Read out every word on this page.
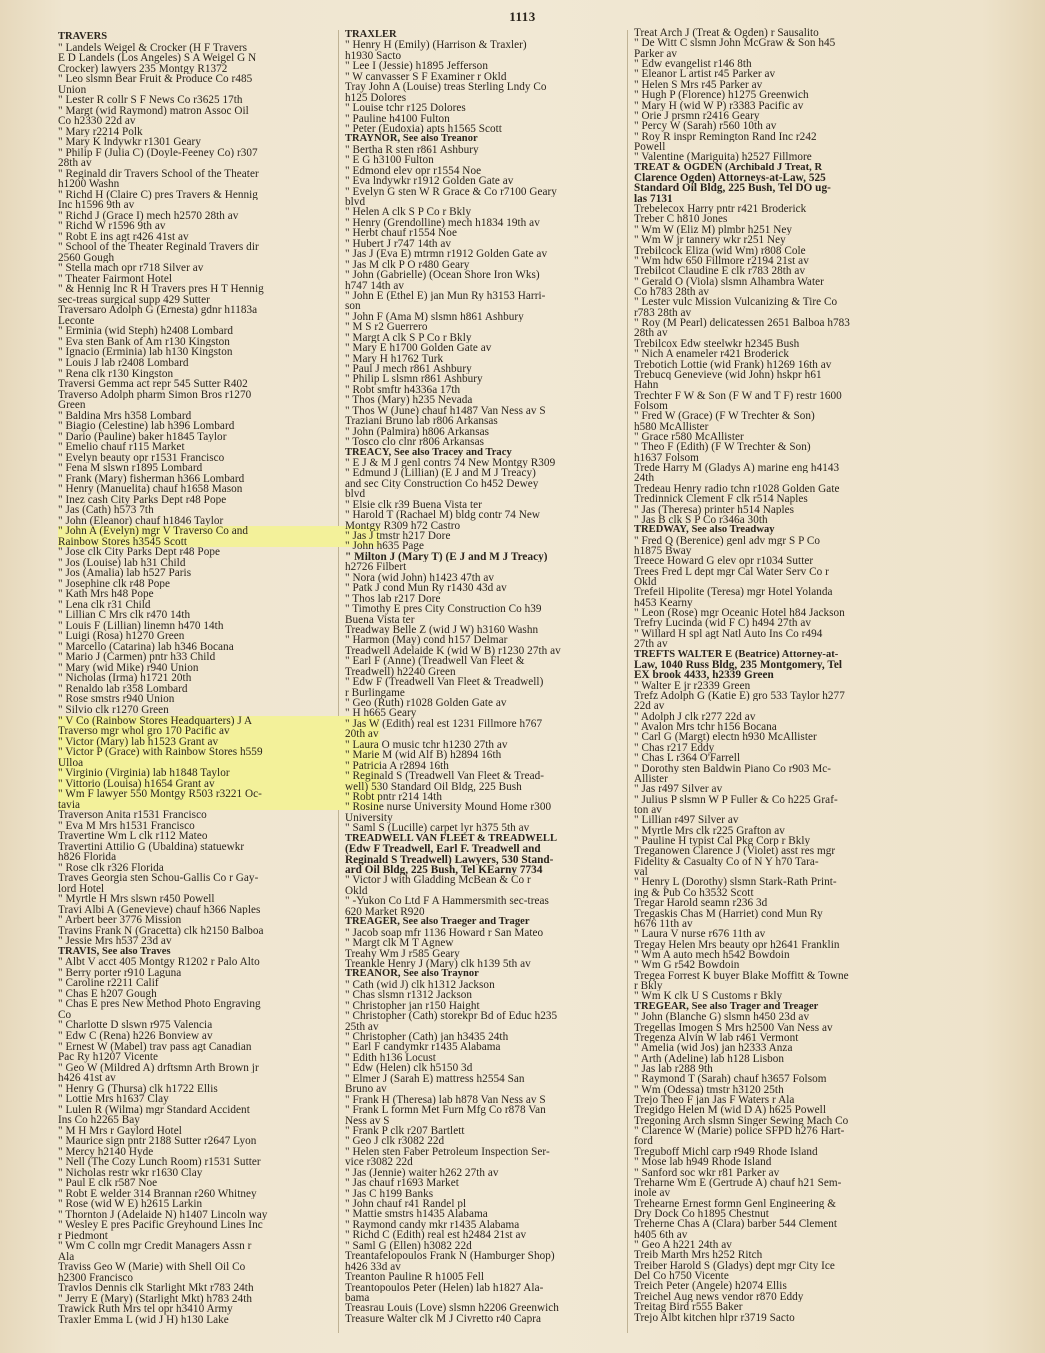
1113
TRAVERS
" Landels Weigel & Crocker (H F Travers
E D Landels (Los Angeles) S A Weigel G N
Crocker) lawyers 235 Montgy R1372
" Leo slsmn Bear Fruit & Produce Co r485
Union
" Lester R collr S F News Co r3625 17th
" Margt (wid Raymond) matron Assoc Oil
Co h2330 22d av
" Mary r2214 Polk
" Mary K lndywkr r1301 Geary
" Philip F (Julia C) (Doyle-Feeney Co) r307
28th av
" Reginald dir Travers School of the Theater
h1200 Washn
" Richd H (Claire C) pres Travers & Hennig
Inc h1596 9th av
" Richd J (Grace I) mech h2570 28th av
" Richd W r1596 9th av
" Robt E ins agt r426 41st av
" School of the Theater Reginald Travers dir
2560 Gough
" Stella mach opr r718 Silver av
" Theater Fairmont Hotel
" & Hennig Inc R H Travers pres H T Hennig
sec-treas surgical supp 429 Sutter
Traversaro Adolph G (Ernesta) gdnr h1183a
Leconte
" Erminia (wid Steph) h2408 Lombard
" Eva sten Bank of Am r130 Kingston
" Ignacio (Erminia) lab h130 Kingston
" Louis J lab r2408 Lombard
" Rena clk r130 Kingston
Traversi Gemma act repr 545 Sutter R402
Traverso Adolph pharm Simon Bros r1270
Green
" Baldina Mrs h358 Lombard
" Biagio (Celestine) lab h396 Lombard
" Dario (Pauline) baker h1845 Taylor
" Emelio chauf r115 Market
" Evelyn beauty opr r1531 Francisco
" Fena M slswn r1895 Lombard
" Frank (Mary) fisherman h366 Lombard
" Henry (Manuelita) chauf h1658 Mason
" Inez cash City Parks Dept r48 Pope
" Jas (Cath) h573 7th
" John (Eleanor) chauf h1846 Taylor
" John A (Evelyn) mgr V Traverso Co and
Rainbow Stores h3545 Scott
" Jose clk City Parks Dept r48 Pope
" Jos (Louise) lab h31 Child
" Jos (Amalia) lab h527 Paris
" Josephine clk r48 Pope
" Kath Mrs h48 Pope
" Lena clk r31 Child
" Lillian C Mrs clk r470 14th
" Louis F (Lillian) linemn h470 14th
" Luigi (Rosa) h1270 Green
" Marcello (Catarina) lab h346 Bocana
" Mario J (Carmen) pntr h33 Child
" Mary (wid Mike) r940 Union
" Nicholas (Irma) h1721 20th
" Renaldo lab r358 Lombard
" Rose smstrs r940 Union
" Silvio clk r1270 Green
" V Co (Rainbow Stores Headquarters) J A
Traverso mgr whol gro 170 Pacific av
" Victor (Mary) lab h1523 Grant av
" Victor P (Grace) with Rainbow Stores h559
Ulloa
" Virginio (Virginia) lab h1848 Taylor
" Vittorio (Louisa) h1654 Grant av
" Wm F lawyer 550 Montgy R503 r3221 Oc-
tavia
Traverson Anita r1531 Francisco
" Eva M Mrs h1531 Francisco
Travertine Wm L clk r112 Mateo
Travertini Attilio G (Ubaldina) statuewkr
h826 Florida
" Rose clk r326 Florida
Traves Georgia sten Schou-Gallis Co r Gay-
lord Hotel
" Myrtle H Mrs slswn r450 Powell
Travi Albi A (Genevieve) chauf h366 Naples
" Arbert beer 3776 Mission
Travins Frank N (Gracetta) clk h2150 Balboa
" Jessie Mrs h537 23d av
TRAVIS, See also Traves
" Albt V acct 405 Montgy R1202 r Palo Alto
" Berry porter r910 Laguna
" Caroline r2211 Calif
" Chas E h207 Gough
" Chas E pres New Method Photo Engraving
Co
" Charlotte D slswn r975 Valencia
" Edw C (Rena) h226 Bonview av
" Ernest W (Mabel) trav pass agt Canadian
Pac Ry h1207 Vicente
" Geo W (Mildred A) drftsmn Arth Brown jr
h426 41st av
" Henry G (Thursa) clk h1722 Ellis
" Lottie Mrs h1637 Clay
" Lulen R (Wilma) mgr Standard Accident
Ins Co h2265 Bay
" M H Mrs r Gaylord Hotel
" Maurice sign pntr 2188 Sutter r2647 Lyon
" Mercy h2140 Hyde
" Nell (The Cozy Lunch Room) r1531 Sutter
" Nicholas restr wkr r1630 Clay
" Paul E clk r587 Noe
" Robt E welder 314 Brannan r260 Whitney
" Rose (wid W E) h2615 Larkin
" Thornton J (Adelaide N) h1407 Lincoln way
" Wesley E pres Pacific Greyhound Lines Inc
r Piedmont
" Wm C colln mgr Credit Managers Assn r
Ala
Traviss Geo W (Marie) with Shell Oil Co
h2300 Francisco
Travlos Dennis clk Starlight Mkt r783 24th
" Jerry E (Mary) (Starlight Mkt) h783 24th
Trawick Ruth Mrs tel opr h3410 Army
Traxler Emma L (wid J H) h130 Lake
TRAXLER
" Henry H (Emily) (Harrison & Traxler)
h1930 Sacto
" Lee I (Jessie) h1895 Jefferson
" W canvasser S F Examiner r Okld
Tray John A (Louise) treas Sterling Lndy Co
h125 Dolores
" Louise tchr r125 Dolores
" Pauline h4100 Fulton
" Peter (Eudoxia) apts h1565 Scott
TRAYNOR, See also Treanor
" Bertha R sten r861 Ashbury
" E G h3100 Fulton
" Edmond elev opr r1554 Noe
" Eva lndywkr r1912 Golden Gate av
" Evelyn G sten W R Grace & Co r7100 Geary
blvd
" Helen A clk S P Co r Bkly
" Henry (Grendolline) mech h1834 19th av
" Herbt chauf r1554 Noe
" Hubert J r747 14th av
" Jas J (Eva E) mtrmn r1912 Golden Gate av
" Jas M clk P O r480 Geary
" John (Gabrielle) (Ocean Shore Iron Wks)
h747 14th av
" John E (Ethel E) jan Mun Ry h3153 Harri-
son
" John F (Ama M) slsmn h861 Ashbury
" M S r2 Guerrero
" Margt A clk S P Co r Bkly
" Mary E h1700 Golden Gate av
" Mary H h1762 Turk
" Paul J mech r861 Ashbury
" Philip L slsmn r861 Ashbury
" Robt smftr h4336a 17th
" Thos (Mary) h235 Nevada
" Thos W (June) chauf h1487 Van Ness av S
Traziani Bruno lab r806 Arkansas
" John (Palmira) h806 Arkansas
" Tosco clo clnr r806 Arkansas
TREACY, See also Tracey and Tracy
" E J & M J genl contrs 74 New Montgy R309
" Edmund J (Lillian) (E J and M J Treacy)
and sec City Construction Co h452 Dewey
blvd
" Elsie clk r39 Buena Vista ter
" Harold T (Rachael M) bldg contr 74 New
Montgy R309 h72 Castro
" Jas J tmstr h217 Dore
" John h635 Page
" Milton J (Mary T) (E J and M J Treacy)
h2726 Filbert
" Nora (wid John) h1423 47th av
" Patk J cond Mun Ry r1430 43d av
" Thos lab r217 Dore
" Timothy E pres City Construction Co h39
Buena Vista ter
Treadway Belle Z (wid J W) h3160 Washn
" Harmon (May) cond h157 Delmar
Treadwell Adelaide K (wid W B) r1230 27th av
" Earl F (Anne) (Treadwell Van Fleet &
Treadwell) h2240 Green
" Edw F (Treadwell Van Fleet & Treadwell)
r Burlingame
" Geo (Ruth) r1028 Golden Gate av
" H h665 Geary
" Jas W (Edith) real est 1231 Fillmore h767
20th av
" Laura O music tchr h1230 27th av
" Marie M (wid Alf B) h2894 16th
" Patricia A r2894 16th
" Reginald S (Treadwell Van Fleet & Tread-
well) 530 Standard Oil Bldg, 225 Bush
" Robt pntr r214 14th
" Rosine nurse University Mound Home r300
University
" Saml S (Lucille) carpet lyr h375 5th av
TREADWELL VAN FLEET & TREADWELL
(Edw F Treadwell, Earl F. Treadwell and
Reginald S Treadwell) Lawyers, 530 Stand-
ard Oil Bldg, 225 Bush, Tel KEarny 7734
" Victor J with Gladding McBean & Co r
Okld
" -Yukon Co Ltd F A Hammersmith sec-treas
620 Market R920
TREAGER, See also Traeger and Trager
" Jacob soap mfr 1136 Howard r San Mateo
" Margt clk M T Agnew
Treahy Wm J r585 Geary
Treankle Henry J (Mary) clk h139 5th av
TREANOR, See also Traynor
" Cath (wid J) clk h1312 Jackson
" Chas slsmn r1312 Jackson
" Christopher jan r150 Haight
" Christopher (Cath) storekpr Bd of Educ h235
25th av
" Christopher (Cath) jan h3435 24th
" Earl F candymkr r1435 Alabama
" Edith h136 Locust
" Edw (Helen) clk h5150 3d
" Elmer J (Sarah E) mattress h2554 San
Bruno av
" Frank H (Theresa) lab h878 Van Ness av S
" Frank L formn Met Furn Mfg Co r878 Van
Ness av S
" Frank P clk r207 Bartlett
" Geo J clk r3082 22d
" Helen sten Faber Petroleum Inspection Ser-
vice r3082 22d
" Jas (Jennie) waiter h262 27th av
" Jas chauf r1693 Market
" Jas C h199 Banks
" John chauf r41 Randel pl
" Mattie smstrs h1435 Alabama
" Raymond candy mkr r1435 Alabama
" Richd C (Edith) real est h2484 21st av
" Saml G (Ellen) h3082 22d
Treantafelopoulos Frank N (Hamburger Shop)
h426 33d av
Treanton Pauline R h1005 Fell
Treantopoulos Peter (Helen) lab h1827 Ala-
bama
Treasrau Louis (Love) slsmn h2206 Greenwich
Treasure Walter clk M J Civretto r40 Capra
Treat Arch J (Treat & Ogden) r Sausalito
" De Witt C slsmn John McGraw & Son h45
Parker av
" Edw evangelist r146 8th
" Eleanor L artist r45 Parker av
" Helen S Mrs r45 Parker av
" Hugh P (Florence) h1275 Greenwich
" Mary H (wid W P) r3383 Pacific av
" Orie J prsmn r2416 Geary
" Percy W (Sarah) r560 10th av
" Roy R inspr Remington Rand Inc r242
Powell
" Valentine (Mariguita) h2527 Fillmore
TREAT & OGDEN (Archibald J Treat, R
Clarence Ogden) Attorneys-at-Law, 525
Standard Oil Bldg, 225 Bush, Tel DO ug-
las 7131
Trebelecox Harry pntr r421 Broderick
Treber C h810 Jones
" Wm W (Eliz M) plmbr h251 Ney
" Wm W jr tannery wkr r251 Ney
Trebilcock Eliza (wid Wm) r808 Cole
" Wm hdw 650 Fillmore r2194 21st av
Trebilcot Claudine E clk r783 28th av
" Gerald O (Viola) slsmn Alhambra Water
Co h783 28th av
" Lester vulc Mission Vulcanizing & Tire Co
r783 28th av
" Roy (M Pearl) delicatessen 2651 Balboa h783
28th av
Trebilcox Edw steelwkr h2345 Bush
" Nich A enameler r421 Broderick
Trebotich Lottie (wid Frank) h1269 16th av
Trebucq Genevieve (wid John) hskpr h61
Hahn
Trechter F W & Son (F W and T F) restr 1600
Folsom
" Fred W (Grace) (F W Trechter & Son)
h580 McAllister
" Grace r580 McAllister
" Theo F (Edith) (F W Trechter & Son)
h1637 Folsom
Trede Harry M (Gladys A) marine eng h4143
24th
Tredeau Henry radio tchn r1028 Golden Gate
Tredinnick Clement F clk r514 Naples
" Jas (Theresa) printer h514 Naples
" Jas B clk S P Co r346a 30th
TREDWAY, See also Treadway
" Fred Q (Berenice) genl adv mgr S P Co
h1875 Bway
Treece Howard G elev opr r1034 Sutter
Trees Fred L dept mgr Cal Water Serv Co r
Okld
Trefeil Hipolite (Teresa) mgr Hotel Yolanda
h453 Kearny
" Leon (Rose) mgr Oceanic Hotel h84 Jackson
Trefry Lucinda (wid F C) h494 27th av
" Willard H spl agt Natl Auto Ins Co r494
27th av
TREFTS WALTER E (Beatrice) Attorney-at-
Law, 1040 Russ Bldg, 235 Montgomery, Tel
EX brook 4433, h2339 Green
" Walter E jr r2339 Green
Trefz Adolph G (Katie E) gro 533 Taylor h277
22d av
" Adolph J clk r277 22d av
" Avalon Mrs tchr h156 Bocana
" Carl G (Margt) electn h930 McAllister
" Chas r217 Eddy
" Chas L r364 O'Farrell
" Dorothy sten Baldwin Piano Co r903 Mc-
Allister
" Jas r497 Silver av
" Julius P slsmn W P Fuller & Co h225 Graf-
ton av
" Lillian r497 Silver av
" Myrtle Mrs clk r225 Grafton av
" Pauline H typist Cal Pkg Corp r Bkly
Treganowen Clarence J (Violet) asst res mgr
Fidelity & Casualty Co of N Y h70 Tara-
val
" Henry L (Dorothy) slsmn Stark-Rath Print-
ing & Pub Co h3532 Scott
Tregar Harold seamn r236 3d
Tregaskis Chas M (Harriet) cond Mun Ry
h676 11th av
" Laura V nurse r676 11th av
Tregay Helen Mrs beauty opr h2641 Franklin
" Wm A auto mech h542 Bowdoin
" Wm G r542 Bowdoin
Tregea Forrest K buyer Blake Moffitt & Towne
r Bkly
" Wm K clk U S Customs r Bkly
TREGEAR, See also Trager and Treager
" John (Blanche G) slsmn h450 23d av
Tregellas Imogen S Mrs h2500 Van Ness av
Tregenza Alvin W lab r461 Vermont
" Amelia (wid Jos) jan h2333 Anza
" Arth (Adeline) lab h128 Lisbon
" Jas lab r288 9th
" Raymond T (Sarah) chauf h3657 Folsom
" Wm (Odessa) tmstr h3120 25th
Trejo Theo F jan Jas F Waters r Ala
Tregidgo Helen M (wid D A) h625 Powell
Tregoning Arch slsmn Singer Sewing Mach Co
" Clarence W (Marie) police SFPD h276 Hart-
ford
Treguboff Michl carp r949 Rhode Island
" Mose lab h949 Rhode Island
" Sanford soc wkr r81 Parker av
Treharne Wm E (Gertrude A) chauf h21 Sem-
inole av
Trehearne Ernest formn Genl Engineering &
Dry Dock Co h1895 Chestnut
Treherne Chas A (Clara) barber 544 Clement
h405 6th av
" Geo A h221 24th av
Treib Marth Mrs h252 Ritch
Treiber Harold S (Gladys) dept mgr City Ice
Del Co h750 Vicente
Treich Peter (Angele) h2074 Ellis
Treichel Aug news vendor r870 Eddy
Treitag Bird r555 Baker
Trejo Albt kitchen hlpr r3719 Sacto
